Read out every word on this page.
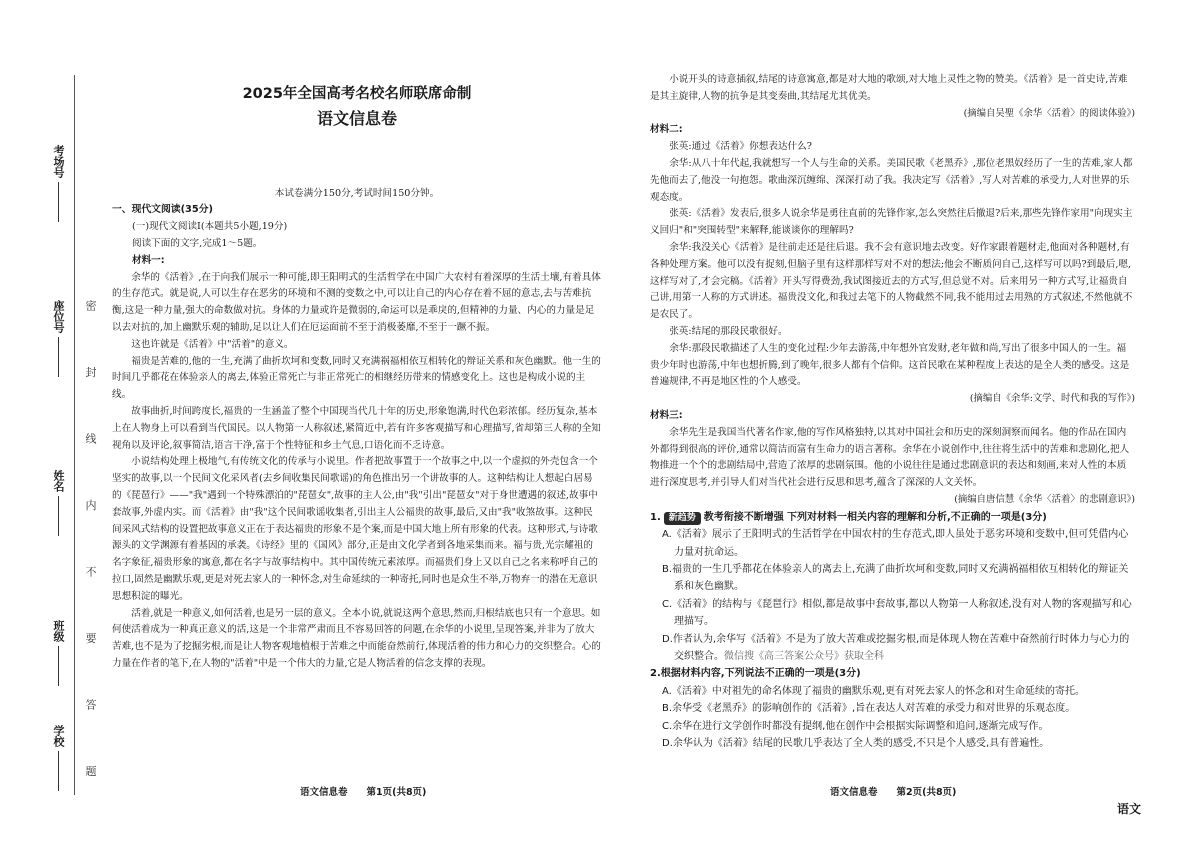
考场号
座位号
姓名
班级
学校 密 封 线 内 不 要 答 题
2025年全国高考名校名师联席命制
语文信息卷
本试卷满分150分,考试时间150分钟。
一、现代文阅读(35分)
(一)现代文阅读Ⅰ(本题共5小题,19分)
阅读下面的文字,完成1～5题。
材料一:

余华的《活着》,在于向我们展示一种可能,即王阳明式的生活哲学在中国广大农村有着深厚的生活土壤,有着具体的生存范式。就是说,人可以生存在恶劣的环境和不测的变数之中,可以让自己的内心存在着不屈的意志,去与苦难抗衡,这是一种力量,强大的命数做对抗。身体的力量或许是微弱的,命运可以是乖戾的,但精神的力量、内心的力量是足以去对抗的,加上幽默乐观的辅助,足以让人们在厄运面前不至于消极萎靡,不至于一蹶不振。

这也许就是《活着》中"活着"的意义。

福贵是苦难的,他的一生,充满了曲折坎坷和变数,同时又充满祸福相依互相转化的辩证关系和灰色幽默。他一生的时间几乎都花在体验亲人的离去,体验正常死亡与非正常死亡的相继经历带来的情感变化上。这也是构成小说的主线。

故事曲折,时间跨度长,福贵的一生涵盖了整个中国现当代几十年的历史,形象饱满,时代色彩浓郁。经历复杂,基本上在人物身上可以看到当代国民。以人物第一人称叙述,紧简近中,若有许多客观描写和心理描写,省却第三人称的全知视角以及评论,叙事简洁,语言干净,富于个性特征和乡土气息,口语化而不乏诗意。

小说结构处理上极地气,有传统文化的传承与小说里。作者把故事置于一个故事之中,以一个虚拟的外壳包含一个坚实的故事,以一个民间文化采风者(去乡间收集民间歌谣)的角色推出另一个讲故事的人。这种结构让人想起白居易的《琵琶行》——"我"遇到一个特殊漂泊的"琵琶女",故事的主人公,由"我"引出"琵琶女"对于身世遭遇的叙述,故事中套故事,外虚内实。而《活着》由"我"这个民间歌谣收集者,引出主人公福贵的故事,最后,又由"我"收煞故事。这种民间采风式结构的设置把故事意义正在于表达福贵的形象不是个案,而是中国大地上所有形象的代表。这种形式,与诗歌源头的文学渊源有着基因的承袭。《诗经》里的《国风》部分,正是由文化学者到各地采集而来。福与贵,光宗耀祖的名字象征,福贵形象的寓意,都在名字与故事结构中。其中国传统元素浓厚。而福贵们身上又以自己之名来称呼自己的拉口,固然是幽默乐观,更是对死去家人的一种怀念,对生命延续的一种寄托,同时也是众生不举,万物弃一的潜在无意识思想积淀的曝光。

活着,就是一种意义,如何活着,也是另一层的意义。全本小说,就说这两个意思,然而,归根结底也只有一个意思。如何使活着成为一种真正意义的活,这是一个非常严肃而且不容易回答的问题,在余华的小说里,呈现答案,并非为了放大苦难,也不是为了挖掘劣根,而是让人物客观地植根于苦难之中而能奋然前行,体现活着的伟力和心力的交织整合。心的力量在作者的笔下,在人物的"活着"中是一个伟大的力量,它是人物活着的信念支撑的表现。

小说开头的诗意插叙,结尾的诗意寓意,都是对大地的歌颂,对大地上灵性之物的赞美。《活着》是一首史诗,苦难是其主旋律,人物的抗争是其变奏曲,其结尾尤其优美。

(摘编自吴聖《余华〈活着〉的阅读体验》)

材料二:

张英:通过《活着》你想表达什么?

余华:从八十年代起,我就想写一个人与生命的关系。美国民歌《老黑乔》,那位老黑奴经历了一生的苦难,家人都先他而去了,他没一句抱怨。歌曲深沉缠绵、深深打动了我。我决定写《活着》,写人对苦难的承受力,人对世界的乐观态度。

张英:《活着》发表后,很多人说余华是勇往直前的先锋作家,怎么突然往后撤退?后来,那些先锋作家用"向现实主义回归"和"突围转型"来解释,能谈谈你的理解吗?

余华:我没关心《活着》是往前走还是往后退。我不会有意识地去改变。好作家跟着题材走,他面对各种题材,有各种处理方案。他可以没有捉刻,但脑子里有这样那样写对不对的想法;他会不断质问自己,这样写可以吗?到最后,嗯,这样写对了,才会完稿。《活着》开头写得费劲,我试图接近去的方式写,但总觉不对。后来用另一种方式写,让福贵自己讲,用第一人称的方式讲述。福贵没文化,和我过去笔下的人物截然不同,我不能用过去用熟的方式叙述,不然他就不是农民了。

张英:结尾的那段民歌很好。

余华:那段民歌描述了人生的变化过程:少年去游荡,中年想外官发财,老年做和尚,写出了很多中国人的一生。福贵少年时也游荡,中年也想折腾,到了晚年,很多人都有个信仰。这首民歌在某种程度上表达的是全人类的感受。这是普遍规律,不再是地区性的个人感受。

(摘编自《余华:文学、时代和我的写作》)

材料三:

余华先生是我国当代著名作家,他的写作风格独特,以其对中国社会和历史的深刻洞察而闻名。他的作品在国内外都得到很高的评价,通常以简洁而富有生命力的语言著称。余华在小说创作中,往往将生活中的苦难和悲剧化,把人物推进一个个的悲剧结局中,营造了浓厚的悲剧氛围。他的小说往往是通过悲剧意识的表达和刻画,来对人性的本质进行深度思考,并引导人们对当代社会进行反思和思考,蕴含了深深的人文关怀。

(摘编自唐信慧《余华〈活着〉的悲剧意识》)
1. 新趋势 教考衔接不断增强 下列对材料一相关内容的理解和分析,不正确的一项是(3分)
A.《活着》展示了王阳明式的生活哲学在中国农村的生存范式,即人虽处于恶劣环境和变数中,但可凭借内心力量对抗命运。
B.福贵的一生几乎都花在体验亲人的离去上,充满了曲折坎坷和变数,同时又充满祸福相依互相转化的辩证关系和灰色幽默。
C.《活着》的结构与《琵琶行》相似,都是故事中套故事,都以人物第一人称叙述,没有对人物的客观描写和心理描写。
D.作者认为,余华写《活着》不是为了放大苦难或挖掘劣根,而是体现人物在苦难中奋然前行时体力与心力的交织整合。微信搜《高三答案公众号》获取全科
2.根据材料内容,下列说法不正确的一项是(3分)
A.《活着》中对祖先的命名体现了福贵的幽默乐观,更有对死去家人的怀念和对生命延续的寄托。
B.余华受《老黑乔》的影响创作的《活着》,旨在表达人对苦难的承受力和对世界的乐观态度。
C.余华在进行文学创作时都没有提纲,他在创作中会根据实际调整和追问,逐渐完成写作。
D.余华认为《活着》结尾的民歌几乎表达了全人类的感受,不只是个人感受,具有普遍性。
语文信息卷　　第1页(共8页)	语文信息卷　　第2页(共8页)
语文
